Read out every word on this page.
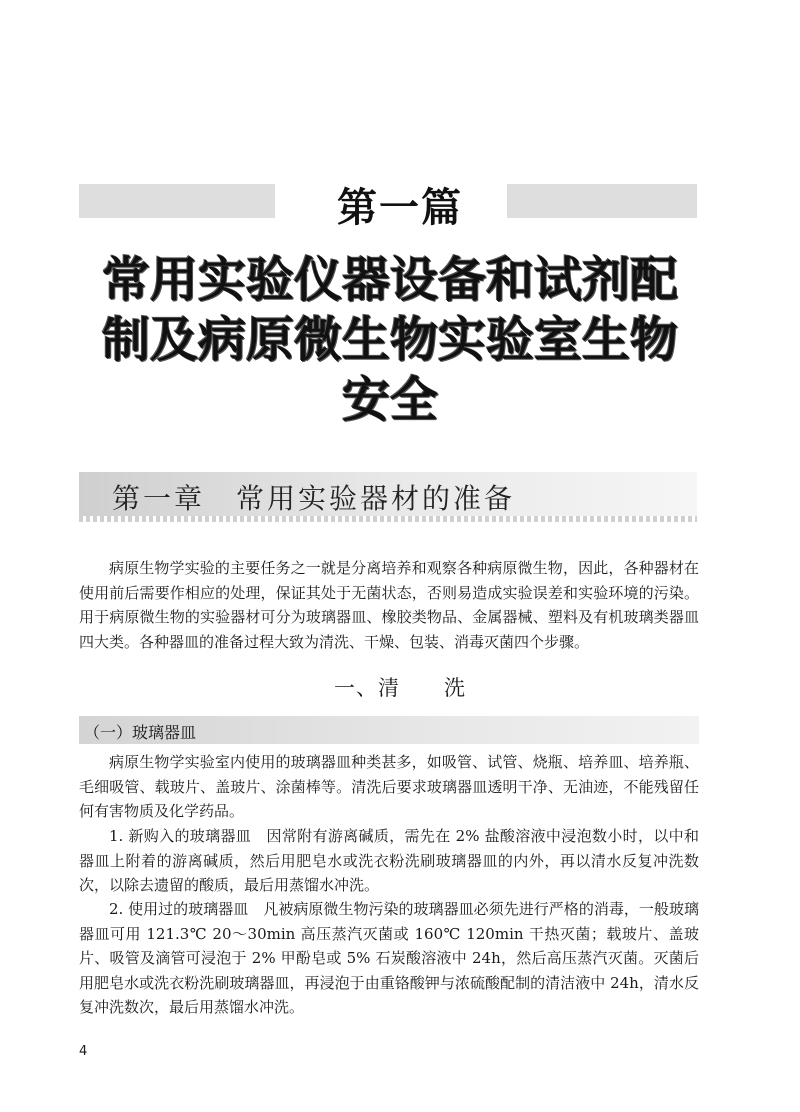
第一篇
常用实验仪器设备和试剂配
制及病原微生物实验室生物
安全
第一章　常用实验器材的准备

病原生物学实验的主要任务之一就是分离培养和观察各种病原微生物，因此，各种器材在使用前后需要作相应的处理，保证其处于无菌状态，否则易造成实验误差和实验环境的污染。用于病原微生物的实验器材可分为玻璃器皿、橡胶类物品、金属器械、塑料及有机玻璃类器皿四大类。各种器皿的准备过程大致为清洗、干燥、包装、消毒灭菌四个步骤。

一、清　　洗
（一）玻璃器皿

病原生物学实验室内使用的玻璃器皿种类甚多，如吸管、试管、烧瓶、培养皿、培养瓶、毛细吸管、载玻片、盖玻片、涂菌棒等。清洗后要求玻璃器皿透明干净、无油迹，不能残留任何有害物质及化学药品。

1. 新购入的玻璃器皿　因常附有游离碱质，需先在 2% 盐酸溶液中浸泡数小时，以中和器皿上附着的游离碱质，然后用肥皂水或洗衣粉洗刷玻璃器皿的内外，再以清水反复冲洗数次，以除去遗留的酸质，最后用蒸馏水冲洗。

2. 使用过的玻璃器皿　凡被病原微生物污染的玻璃器皿必须先进行严格的消毒，一般玻璃器皿可用 121.3℃ 20～30min 高压蒸汽灭菌或 160℃ 120min 干热灭菌；载玻片、盖玻片、吸管及滴管可浸泡于 2% 甲酚皂或 5% 石炭酸溶液中 24h，然后高压蒸汽灭菌。灭菌后用肥皂水或洗衣粉洗刷玻璃器皿，再浸泡于由重铬酸钾与浓硫酸配制的清洁液中 24h，清水反复冲洗数次，最后用蒸馏水冲洗。

4
